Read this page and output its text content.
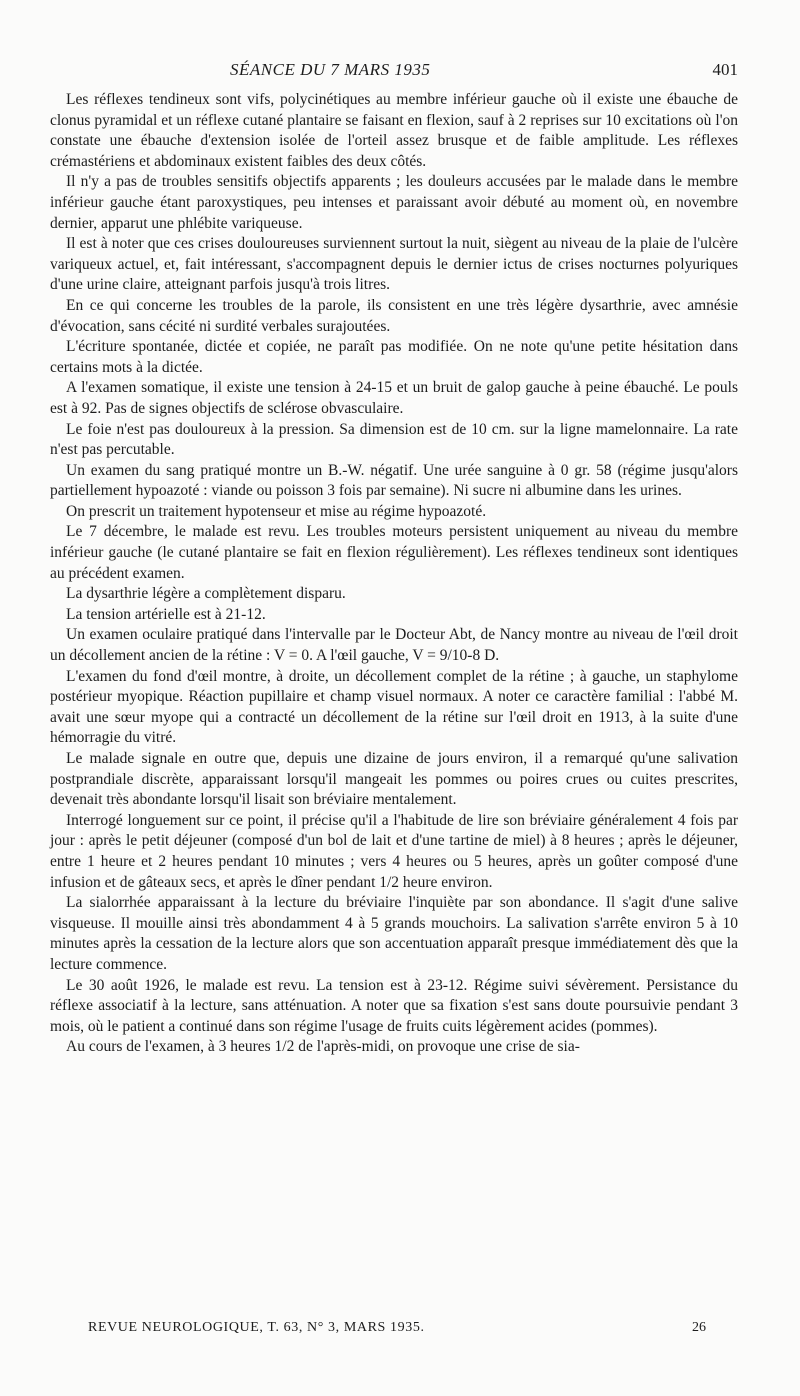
SÉANCE DU 7 MARS 1935	401

Les réflexes tendineux sont vifs, polycinétiques au membre inférieur gauche où il existe une ébauche de clonus pyramidal et un réflexe cutané plantaire se faisant en flexion, sauf à 2 reprises sur 10 excitations où l'on constate une ébauche d'extension isolée de l'orteil assez brusque et de faible amplitude. Les réflexes crémastériens et abdominaux existent faibles des deux côtés.

Il n'y a pas de troubles sensitifs objectifs apparents ; les douleurs accusées par le malade dans le membre inférieur gauche étant paroxystiques, peu intenses et paraissant avoir débuté au moment où, en novembre dernier, apparut une phlébite variqueuse.

Il est à noter que ces crises douloureuses surviennent surtout la nuit, siègent au niveau de la plaie de l'ulcère variqueux actuel, et, fait intéressant, s'accompagnent depuis le dernier ictus de crises nocturnes polyuriques d'une urine claire, atteignant parfois jusqu'à trois litres.

En ce qui concerne les troubles de la parole, ils consistent en une très légère dysarthrie, avec amnésie d'évocation, sans cécité ni surdité verbales surajoutées.

L'écriture spontanée, dictée et copiée, ne paraît pas modifiée. On ne note qu'une petite hésitation dans certains mots à la dictée.

A l'examen somatique, il existe une tension à 24-15 et un bruit de galop gauche à peine ébauché. Le pouls est à 92. Pas de signes objectifs de sclérose obvasculaire.

Le foie n'est pas douloureux à la pression. Sa dimension est de 10 cm. sur la ligne mamelonnaire. La rate n'est pas percutable.

Un examen du sang pratiqué montre un B.-W. négatif. Une urée sanguine à 0 gr. 58 (régime jusqu'alors partiellement hypoazoté : viande ou poisson 3 fois par semaine). Ni sucre ni albumine dans les urines.

On prescrit un traitement hypotenseur et mise au régime hypoazoté.

Le 7 décembre, le malade est revu. Les troubles moteurs persistent uniquement au niveau du membre inférieur gauche (le cutané plantaire se fait en flexion régulièrement). Les réflexes tendineux sont identiques au précédent examen.

La dysarthrie légère a complètement disparu.

La tension artérielle est à 21-12.

Un examen oculaire pratiqué dans l'intervalle par le Docteur Abt, de Nancy montre au niveau de l'œil droit un décollement ancien de la rétine : V = 0. A l'œil gauche, V = 9/10-8 D.

L'examen du fond d'œil montre, à droite, un décollement complet de la rétine ; à gauche, un staphylome postérieur myopique. Réaction pupillaire et champ visuel normaux. A noter ce caractère familial : l'abbé M. avait une sœur myope qui a contracté un décollement de la rétine sur l'œil droit en 1913, à la suite d'une hémorragie du vitré.

Le malade signale en outre que, depuis une dizaine de jours environ, il a remarqué qu'une salivation postprandiale discrète, apparaissant lorsqu'il mangeait les pommes ou poires crues ou cuites prescrites, devenait très abondante lorsqu'il lisait son bréviaire mentalement.

Interrogé longuement sur ce point, il précise qu'il a l'habitude de lire son bréviaire généralement 4 fois par jour : après le petit déjeuner (composé d'un bol de lait et d'une tartine de miel) à 8 heures ; après le déjeuner, entre 1 heure et 2 heures pendant 10 minutes ; vers 4 heures ou 5 heures, après un goûter composé d'une infusion et de gâteaux secs, et après le dîner pendant 1/2 heure environ.

La sialorrhée apparaissant à la lecture du bréviaire l'inquiète par son abondance. Il s'agit d'une salive visqueuse. Il mouille ainsi très abondamment 4 à 5 grands mouchoirs. La salivation s'arrête environ 5 à 10 minutes après la cessation de la lecture alors que son accentuation apparaît presque immédiatement dès que la lecture commence.

Le 30 août 1926, le malade est revu. La tension est à 23-12. Régime suivi sévèrement. Persistance du réflexe associatif à la lecture, sans atténuation. A noter que sa fixation s'est sans doute poursuivie pendant 3 mois, où le patient a continué dans son régime l'usage de fruits cuits légèrement acides (pommes).

Au cours de l'examen, à 3 heures 1/2 de l'après-midi, on provoque une crise de sia-

REVUE NEUROLOGIQUE, T. 63, N° 3, MARS 1935.	26
